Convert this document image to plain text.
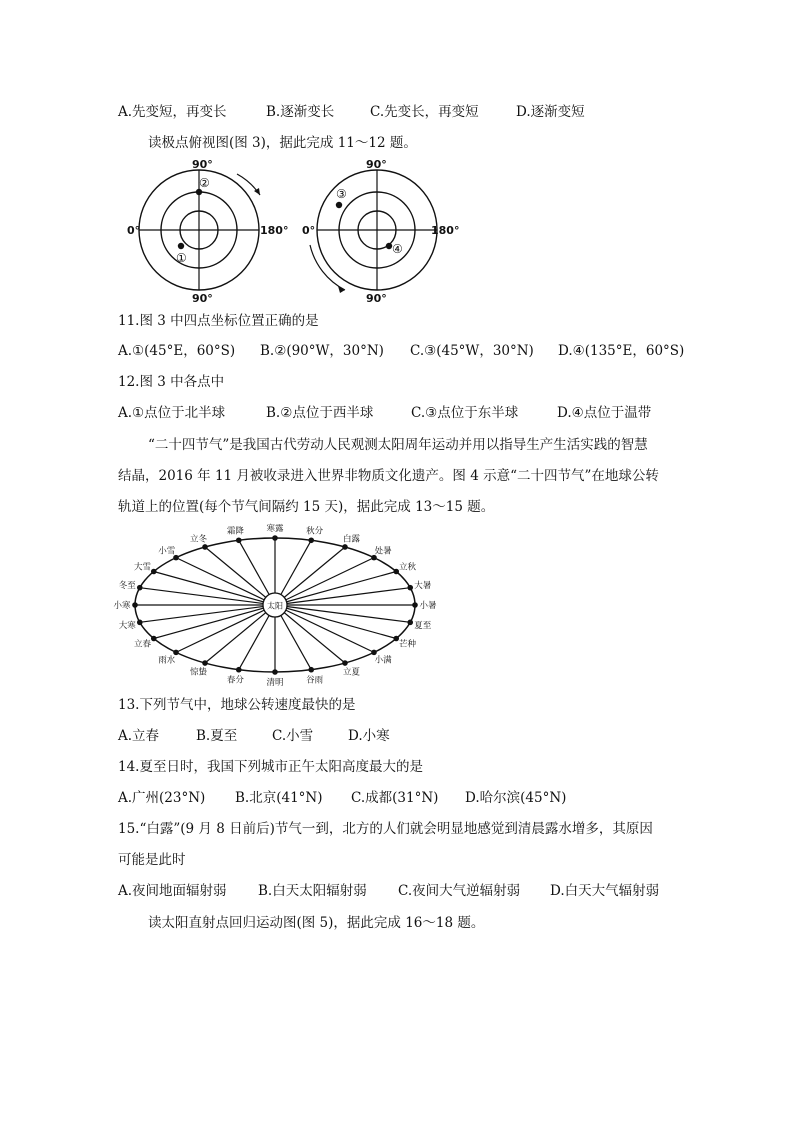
A.先变短，再变长	B.逐渐变长	C.先变长，再变短	D.逐渐变短
读极点俯视图(图 3)，据此完成 11～12 题。
90°
90°
0°	180°
②
①
90°
90°
0°	180°
③
④
11.图 3 中四点坐标位置正确的是
A.①(45°E，60°S) B.②(90°W，30°N) C.③(45°W，30°N) D.④(135°E，60°S)
12.图 3 中各点中
A.①点位于北半球	B.②点位于西半球	C.③点位于东半球	D.④点位于温带
“二十四节气”是我国古代劳动人民观测太阳周年运动并用以指导生产生活实践的智慧
结晶，2016 年 11 月被收录进入世界非物质文化遗产。图 4 示意“二十四节气”在地球公转
轨道上的位置(每个节气间隔约 15 天)，据此完成 13～15 题。
小暑
大暑
立秋
处暑
白露
秋分
寒露
霜降
立冬
小雪
大雪
冬至
小寒
大寒
立春
雨水
惊蛰
春分	清明	谷雨
立夏
小满
芒种
夏至
太阳
13.下列节气中，地球公转速度最快的是
A.立春	B.夏至	C.小雪	D.小寒
14.夏至日时，我国下列城市正午太阳高度最大的是
A.广州(23°N) B.北京(41°N) C.成都(31°N) D.哈尔滨(45°N)
15.“白露”(9 月 8 日前后)节气一到，北方的人们就会明显地感觉到清晨露水增多，其原因
可能是此时
A.夜间地面辐射弱 B.白天太阳辐射弱 C.夜间大气逆辐射弱 D.白天大气辐射弱
读太阳直射点回归运动图(图 5)，据此完成 16～18 题。
